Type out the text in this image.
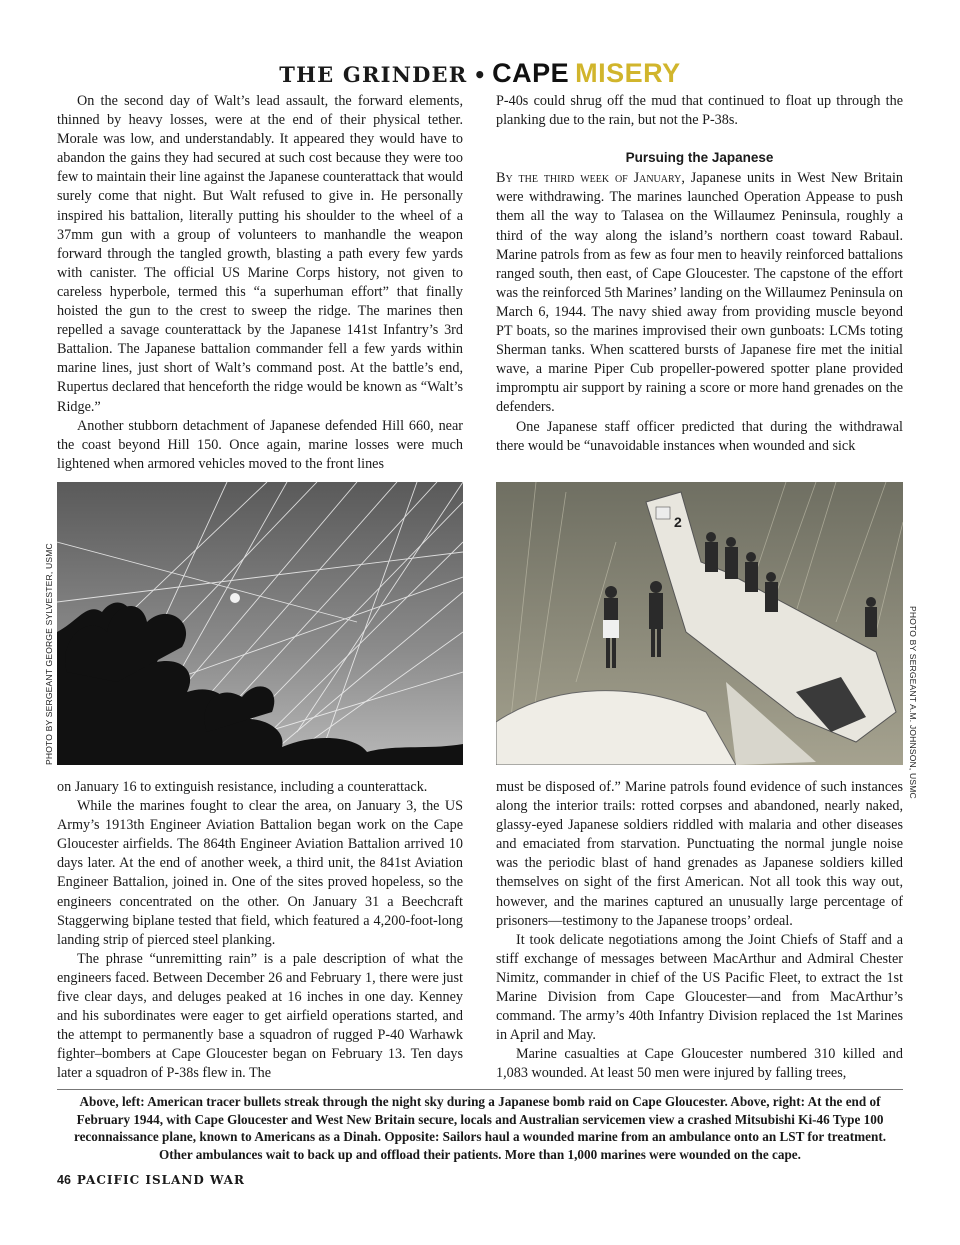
THE GRINDER • CAPE MISERY

On the second day of Walt’s lead assault, the forward elements, thinned by heavy losses, were at the end of their physical tether. Morale was low, and understandably. It appeared they would have to abandon the gains they had secured at such cost because they were too few to maintain their line against the Japanese counterattack that would surely come that night. But Walt refused to give in. He personally inspired his battalion, literally putting his shoulder to the wheel of a 37mm gun with a group of volunteers to manhandle the weapon forward through the tangled growth, blasting a path every few yards with canister. The official US Marine Corps history, not given to careless hyperbole, termed this “a superhuman effort” that finally hoisted the gun to the crest to sweep the ridge. The marines then repelled a savage counterattack by the Japanese 141st Infantry’s 3rd Battalion. The Japanese battalion commander fell a few yards within marine lines, just short of Walt’s command post. At the battle’s end, Rupertus declared that henceforth the ridge would be known as “Walt’s Ridge.”

Another stubborn detachment of Japanese defended Hill 660, near the coast beyond Hill 150. Once again, marine losses were much lightened when armored vehicles moved to the front lines

P-40s could shrug off the mud that continued to float up through the planking due to the rain, but not the P-38s.

Pursuing the Japanese

By the third week of January, Japanese units in West New Britain were withdrawing. The marines launched Operation Appease to push them all the way to Talasea on the Willaumez Peninsula, roughly a third of the way along the island’s northern coast toward Rabaul. Marine patrols from as few as four men to heavily reinforced battalions ranged south, then east, of Cape Gloucester. The capstone of the effort was the reinforced 5th Marines’ landing on the Willaumez Peninsula on March 6, 1944. The navy shied away from providing muscle beyond PT boats, so the marines improvised their own gunboats: LCMs toting Sherman tanks. When scattered bursts of Japanese fire met the initial wave, a marine Piper Cub propeller-powered spotter plane provided impromptu air support by raining a score or more hand grenades on the defenders.

One Japanese staff officer predicted that during the withdrawal there would be “unavoidable instances when wounded and sick

PHOTO BY SERGEANT GEORGE SYLVESTER, USMC
2
PHOTO BY SERGEANT A.M. JOHNSON, USMC

on January 16 to extinguish resistance, including a counterattack.

While the marines fought to clear the area, on January 3, the US Army’s 1913th Engineer Aviation Battalion began work on the Cape Gloucester airfields. The 864th Engineer Aviation Battalion arrived 10 days later. At the end of another week, a third unit, the 841st Aviation Engineer Battalion, joined in. One of the sites proved hopeless, so the engineers concentrated on the other. On January 31 a Beechcraft Staggerwing biplane tested that field, which featured a 4,200-foot-long landing strip of pierced steel planking.

The phrase “unremitting rain” is a pale description of what the engineers faced. Between December 26 and February 1, there were just five clear days, and deluges peaked at 16 inches in one day. Kenney and his subordinates were eager to get airfield operations started, and the attempt to permanently base a squadron of rugged P-40 Warhawk fighter–bombers at Cape Gloucester began on February 13. Ten days later a squadron of P-38s flew in. The

must be disposed of.” Marine patrols found evidence of such instances along the interior trails: rotted corpses and abandoned, nearly naked, glassy-eyed Japanese soldiers riddled with malaria and other diseases and emaciated from starvation. Punctuating the normal jungle noise was the periodic blast of hand grenades as Japanese soldiers killed themselves on sight of the first American. Not all took this way out, however, and the marines captured an unusually large percentage of prisoners—testimony to the Japanese troops’ ordeal.

It took delicate negotiations among the Joint Chiefs of Staff and a stiff exchange of messages between MacArthur and Admiral Chester Nimitz, commander in chief of the US Pacific Fleet, to extract the 1st Marine Division from Cape Gloucester—and from MacArthur’s command. The army’s 40th Infantry Division replaced the 1st Marines in April and May.

Marine casualties at Cape Gloucester numbered 310 killed and 1,083 wounded. At least 50 men were injured by falling trees,

Above, left: American tracer bullets streak through the night sky during a Japanese bomb raid on Cape Gloucester. Above, right: At the end of February 1944, with Cape Gloucester and West New Britain secure, locals and Australian servicemen view a crashed Mitsubishi Ki-46 Type 100 reconnaissance plane, known to Americans as a Dinah. Opposite: Sailors haul a wounded marine from an ambulance onto an LST for treatment. Other ambulances wait to back up and offload their patients. More than 1,000 marines were wounded on the cape.
46 PACIFIC ISLAND WAR
